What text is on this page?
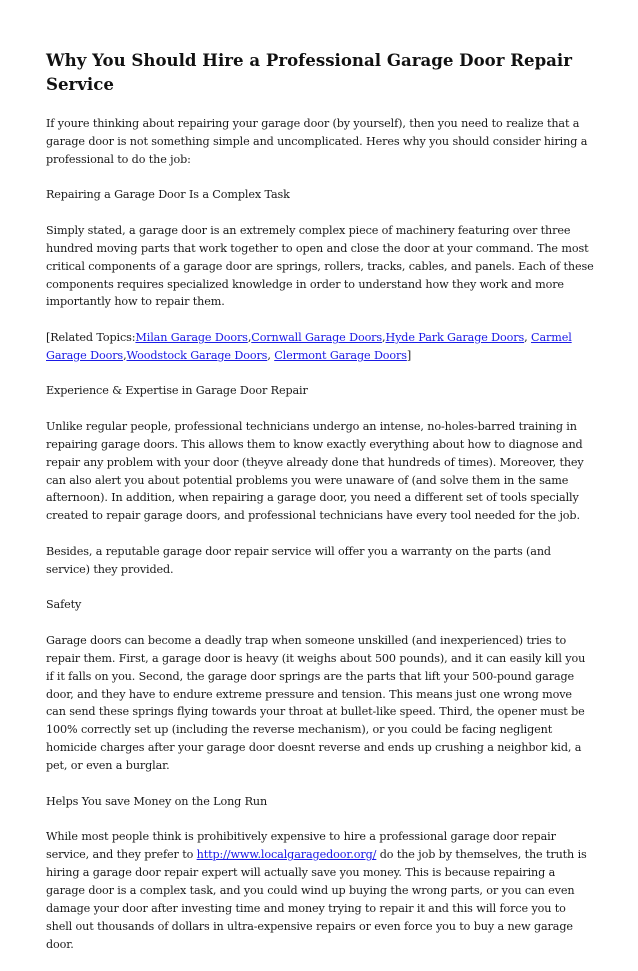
Why You Should Hire a Professional Garage Door Repair Service

If youre thinking about repairing your garage door (by yourself), then you need to realize that a garage door is not something simple and uncomplicated. Heres why you should consider hiring a professional to do the job:

Repairing a Garage Door Is a Complex Task

Simply stated, a garage door is an extremely complex piece of machinery featuring over three hundred moving parts that work together to open and close the door at your command. The most critical components of a garage door are springs, rollers, tracks, cables, and panels. Each of these components requires specialized knowledge in order to understand how they work and more importantly how to repair them.

[Related Topics:Milan Garage Doors,Cornwall Garage Doors,Hyde Park Garage Doors, Carmel Garage Doors,Woodstock Garage Doors, Clermont Garage Doors]

Experience & Expertise in Garage Door Repair

Unlike regular people, professional technicians undergo an intense, no-holes-barred training in repairing garage doors. This allows them to know exactly everything about how to diagnose and repair any problem with your door (theyve already done that hundreds of times). Moreover, they can also alert you about potential problems you were unaware of (and solve them in the same afternoon). In addition, when repairing a garage door, you need a different set of tools specially created to repair garage doors, and professional technicians have every tool needed for the job.

Besides, a reputable garage door repair service will offer you a warranty on the parts (and service) they provided.

Safety

Garage doors can become a deadly trap when someone unskilled (and inexperienced) tries to repair them. First, a garage door is heavy (it weighs about 500 pounds), and it can easily kill you if it falls on you. Second, the garage door springs are the parts that lift your 500-pound garage door, and they have to endure extreme pressure and tension. This means just one wrong move can send these springs flying towards your throat at bullet-like speed. Third, the opener must be 100% correctly set up (including the reverse mechanism), or you could be facing negligent homicide charges after your garage door doesnt reverse and ends up crushing a neighbor kid, a pet, or even a burglar.

Helps You save Money on the Long Run

While most people think is prohibitively expensive to hire a professional garage door repair service, and they prefer to http://www.localgaragedoor.org/ do the job by themselves, the truth is hiring a garage door repair expert will actually save you money. This is because repairing a garage door is a complex task, and you could wind up buying the wrong parts, or you can even damage your door after investing time and money trying to repair it and this will force you to shell out thousands of dollars in ultra-expensive repairs or even force you to buy a new garage door.
